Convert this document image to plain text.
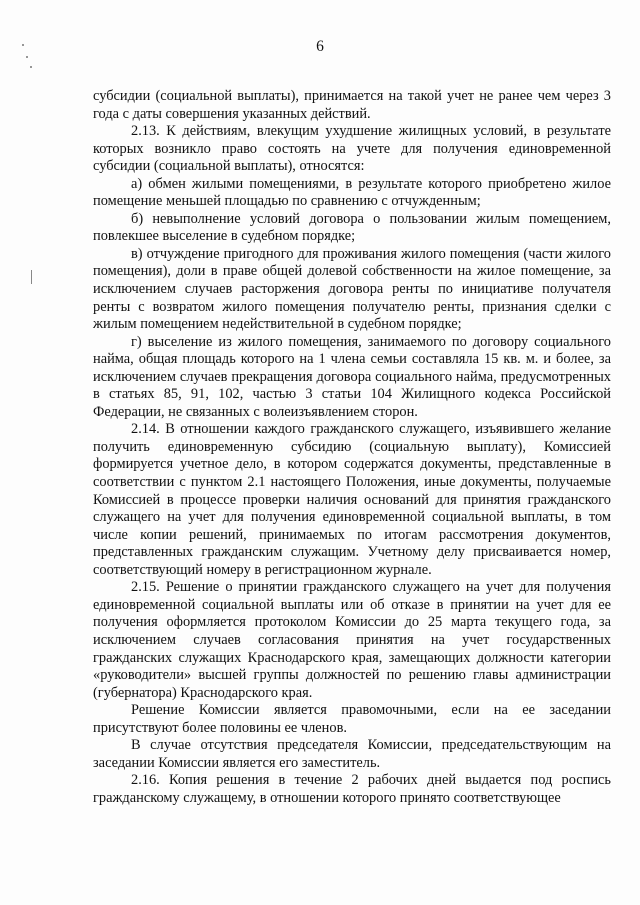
6

субсидии (социальной выплаты), принимается на такой учет не ранее чем через 3 года с даты совершения указанных действий.

2.13. К действиям, влекущим ухудшение жилищных условий, в результате которых возникло право состоять на учете для получения единовременной субсидии (социальной выплаты), относятся:

а) обмен жилыми помещениями, в результате которого приобретено жилое помещение меньшей площадью по сравнению с отчужденным;

б) невыполнение условий договора о пользовании жилым помещением, повлекшее выселение в судебном порядке;

в) отчуждение пригодного для проживания жилого помещения (части жилого помещения), доли в праве общей долевой собственности на жилое помещение, за исключением случаев расторжения договора ренты по инициативе получателя ренты с возвратом жилого помещения получателю ренты, признания сделки с жилым помещением недействительной в судебном порядке;

г) выселение из жилого помещения, занимаемого по договору социального найма, общая площадь которого на 1 члена семьи составляла 15 кв. м. и более, за исключением случаев прекращения договора социального найма, предусмотренных в статьях 85, 91, 102, частью 3 статьи 104 Жилищного кодекса Российской Федерации, не связанных с волеизъявлением сторон.

2.14. В отношении каждого гражданского служащего, изъявившего желание получить единовременную субсидию (социальную выплату), Комиссией формируется учетное дело, в котором содержатся документы, представленные в соответствии с пунктом 2.1 настоящего Положения, иные документы, получаемые Комиссией в процессе проверки наличия оснований для принятия гражданского служащего на учет для получения единовременной социальной выплаты, в том числе копии решений, принимаемых по итогам рассмотрения документов, представленных гражданским служащим. Учетному делу присваивается номер, соответствующий номеру в регистрационном журнале.

2.15. Решение о принятии гражданского служащего на учет для получения единовременной социальной выплаты или об отказе в принятии на учет для ее получения оформляется протоколом Комиссии до 25 марта текущего года, за исключением случаев согласования принятия на учет государственных гражданских служащих Краснодарского края, замещающих должности категории «руководители» высшей группы должностей по решению главы администрации (губернатора) Краснодарского края.

Решение Комиссии является правомочными, если на ее заседании присутствуют более половины ее членов.

В случае отсутствия председателя Комиссии, председательствующим на заседании Комиссии является его заместитель.

2.16. Копия решения в течение 2 рабочих дней выдается под роспись гражданскому служащему, в отношении которого принято соответствующее
